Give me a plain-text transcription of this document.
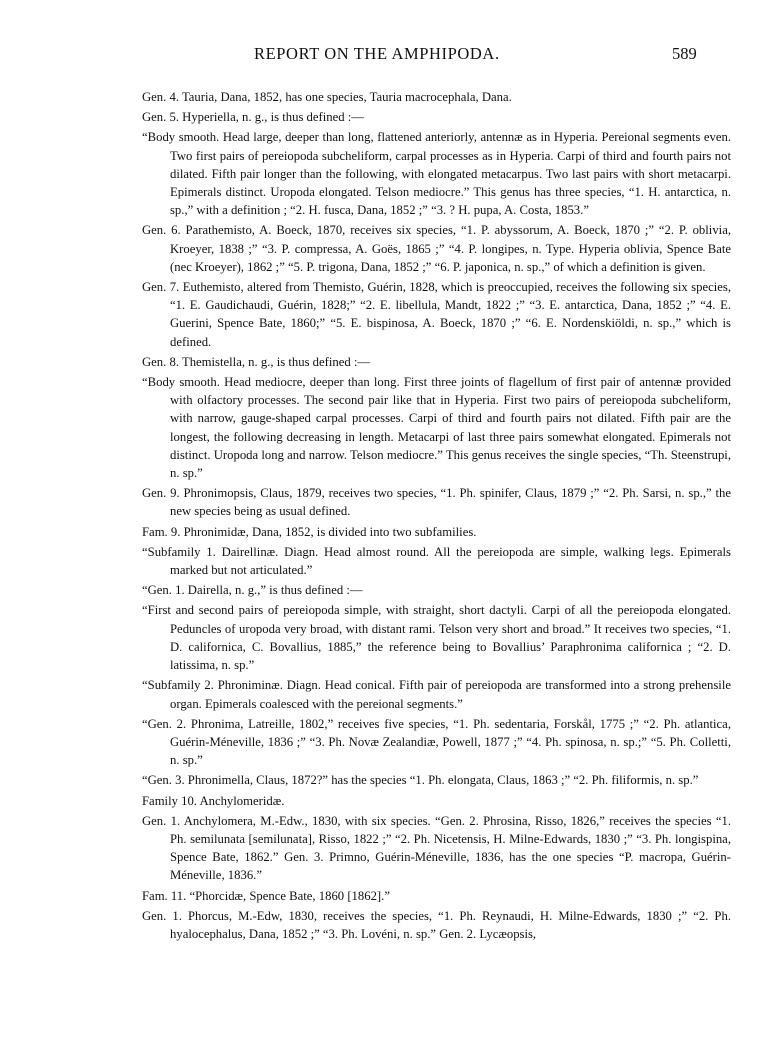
REPORT ON THE AMPHIPODA.	589

Gen. 4. Tauria, Dana, 1852, has one species, Tauria macrocephala, Dana.

Gen. 5. Hyperiella, n. g., is thus defined :—

“Body smooth. Head large, deeper than long, flattened anteriorly, antennæ as in Hyperia. Pereional segments even. Two first pairs of pereiopoda subcheliform, carpal processes as in Hyperia. Carpi of third and fourth pairs not dilated. Fifth pair longer than the following, with elongated metacarpus. Two last pairs with short metacarpi. Epimerals distinct. Uropoda elongated. Telson mediocre.” This genus has three species, “1. H. antarctica, n. sp.,” with a definition ; “2. H. fusca, Dana, 1852 ;” “3. ? H. pupa, A. Costa, 1853.”

Gen. 6. Parathemisto, A. Boeck, 1870, receives six species, “1. P. abyssorum, A. Boeck, 1870 ;” “2. P. oblivia, Kroeyer, 1838 ;” “3. P. compressa, A. Goës, 1865 ;” “4. P. longipes, n. Type. Hyperia oblivia, Spence Bate (nec Kroeyer), 1862 ;” “5. P. trigona, Dana, 1852 ;” “6. P. japonica, n. sp.,” of which a definition is given.

Gen. 7. Euthemisto, altered from Themisto, Guérin, 1828, which is preoccupied, receives the following six species, “1. E. Gaudichaudi, Guérin, 1828;” “2. E. libellula, Mandt, 1822 ;” “3. E. antarctica, Dana, 1852 ;” “4. E. Guerini, Spence Bate, 1860;” “5. E. bispinosa, A. Boeck, 1870 ;” “6. E. Nordenskiöldi, n. sp.,” which is defined.

Gen. 8. Themistella, n. g., is thus defined :—

“Body smooth. Head mediocre, deeper than long. First three joints of flagellum of first pair of antennæ provided with olfactory processes. The second pair like that in Hyperia. First two pairs of pereiopoda subcheliform, with narrow, gauge-shaped carpal processes. Carpi of third and fourth pairs not dilated. Fifth pair are the longest, the following decreasing in length. Metacarpi of last three pairs somewhat elongated. Epimerals not distinct. Uropoda long and narrow. Telson mediocre.” This genus receives the single species, “Th. Steenstrupi, n. sp.”

Gen. 9. Phronimopsis, Claus, 1879, receives two species, “1. Ph. spinifer, Claus, 1879 ;” “2. Ph. Sarsi, n. sp.,” the new species being as usual defined.

Fam. 9. Phronimidæ, Dana, 1852, is divided into two subfamilies.

“Subfamily 1. Dairellinæ. Diagn. Head almost round. All the pereiopoda are simple, walking legs. Epimerals marked but not articulated.”

“Gen. 1. Dairella, n. g.,” is thus defined :—

“First and second pairs of pereiopoda simple, with straight, short dactyli. Carpi of all the pereiopoda elongated. Peduncles of uropoda very broad, with distant rami. Telson very short and broad.” It receives two species, “1. D. californica, C. Bovallius, 1885,” the reference being to Bovallius’ Paraphronima californica ; “2. D. latissima, n. sp.”

“Subfamily 2. Phroniminæ. Diagn. Head conical. Fifth pair of pereiopoda are transformed into a strong prehensile organ. Epimerals coalesced with the pereional segments.”

“Gen. 2. Phronima, Latreille, 1802,” receives five species, “1. Ph. sedentaria, Forskål, 1775 ;” “2. Ph. atlantica, Guérin-Méneville, 1836 ;” “3. Ph. Novæ Zealandiæ, Powell, 1877 ;” “4. Ph. spinosa, n. sp.;” “5. Ph. Colletti, n. sp.”

“Gen. 3. Phronimella, Claus, 1872?” has the species “1. Ph. elongata, Claus, 1863 ;” “2. Ph. filiformis, n. sp.”

Family 10. Anchylomeridæ.

Gen. 1. Anchylomera, M.-Edw., 1830, with six species. “Gen. 2. Phrosina, Risso, 1826,” receives the species “1. Ph. semilunata [semilunata], Risso, 1822 ;” “2. Ph. Nicetensis, H. Milne-Edwards, 1830 ;” “3. Ph. longispina, Spence Bate, 1862.” Gen. 3. Primno, Guérin-Méneville, 1836, has the one species “P. macropa, Guérin-Méneville, 1836.”

Fam. 11. “Phorcidæ, Spence Bate, 1860 [1862].”

Gen. 1. Phorcus, M.-Edw, 1830, receives the species, “1. Ph. Reynaudi, H. Milne-Edwards, 1830 ;” “2. Ph. hyalocephalus, Dana, 1852 ;” “3. Ph. Lovéni, n. sp.” Gen. 2. Lycæopsis,
